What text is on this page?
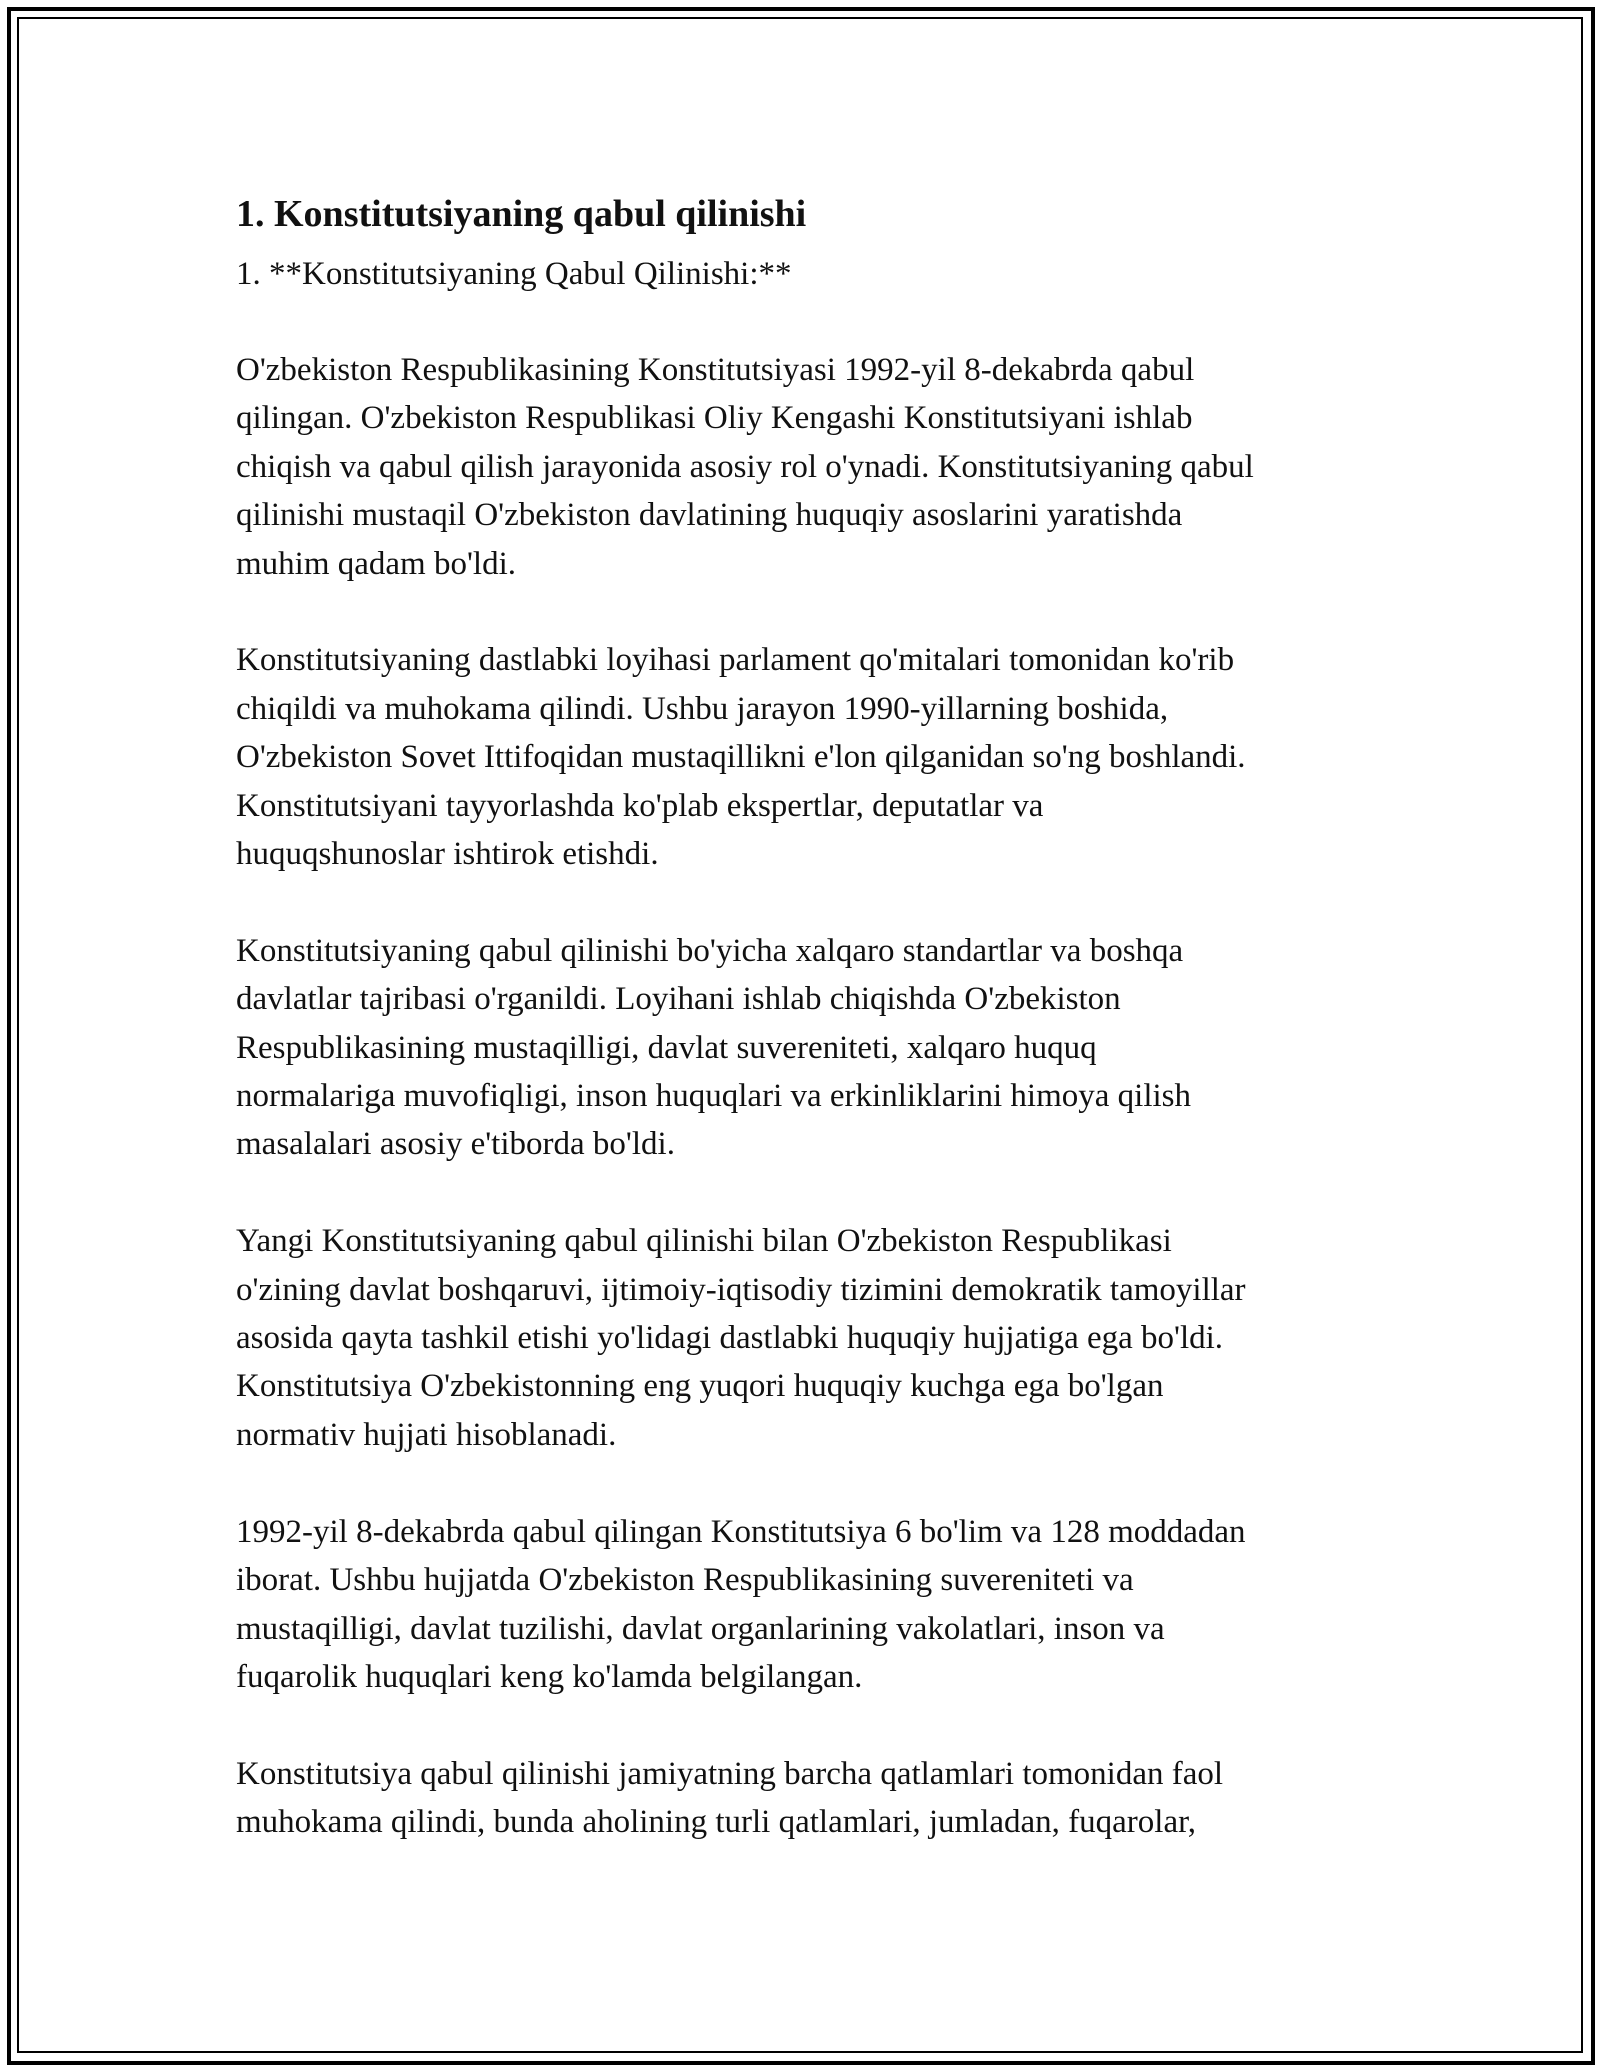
1. Konstitutsiyaning qabul qilinishi
1. **Konstitutsiyaning Qabul Qilinishi:**
O'zbekiston Respublikasining Konstitutsiyasi 1992-yil 8-dekabrda qabul
qilingan. O'zbekiston Respublikasi Oliy Kengashi Konstitutsiyani ishlab
chiqish va qabul qilish jarayonida asosiy rol o'ynadi. Konstitutsiyaning qabul
qilinishi mustaqil O'zbekiston davlatining huquqiy asoslarini yaratishda
muhim qadam bo'ldi.
Konstitutsiyaning dastlabki loyihasi parlament qo'mitalari tomonidan ko'rib
chiqildi va muhokama qilindi. Ushbu jarayon 1990-yillarning boshida,
O'zbekiston Sovet Ittifoqidan mustaqillikni e'lon qilganidan so'ng boshlandi.
Konstitutsiyani tayyorlashda ko'plab ekspertlar, deputatlar va
huquqshunoslar ishtirok etishdi.
Konstitutsiyaning qabul qilinishi bo'yicha xalqaro standartlar va boshqa
davlatlar tajribasi o'rganildi. Loyihani ishlab chiqishda O'zbekiston
Respublikasining mustaqilligi, davlat suvereniteti, xalqaro huquq
normalariga muvofiqligi, inson huquqlari va erkinliklarini himoya qilish
masalalari asosiy e'tiborda bo'ldi.
Yangi Konstitutsiyaning qabul qilinishi bilan O'zbekiston Respublikasi
o'zining davlat boshqaruvi, ijtimoiy-iqtisodiy tizimini demokratik tamoyillar
asosida qayta tashkil etishi yo'lidagi dastlabki huquqiy hujjatiga ega bo'ldi.
Konstitutsiya O'zbekistonning eng yuqori huquqiy kuchga ega bo'lgan
normativ hujjati hisoblanadi.
1992-yil 8-dekabrda qabul qilingan Konstitutsiya 6 bo'lim va 128 moddadan
iborat. Ushbu hujjatda O'zbekiston Respublikasining suvereniteti va
mustaqilligi, davlat tuzilishi, davlat organlarining vakolatlari, inson va
fuqarolik huquqlari keng ko'lamda belgilangan.
Konstitutsiya qabul qilinishi jamiyatning barcha qatlamlari tomonidan faol
muhokama qilindi, bunda aholining turli qatlamlari, jumladan, fuqarolar,
